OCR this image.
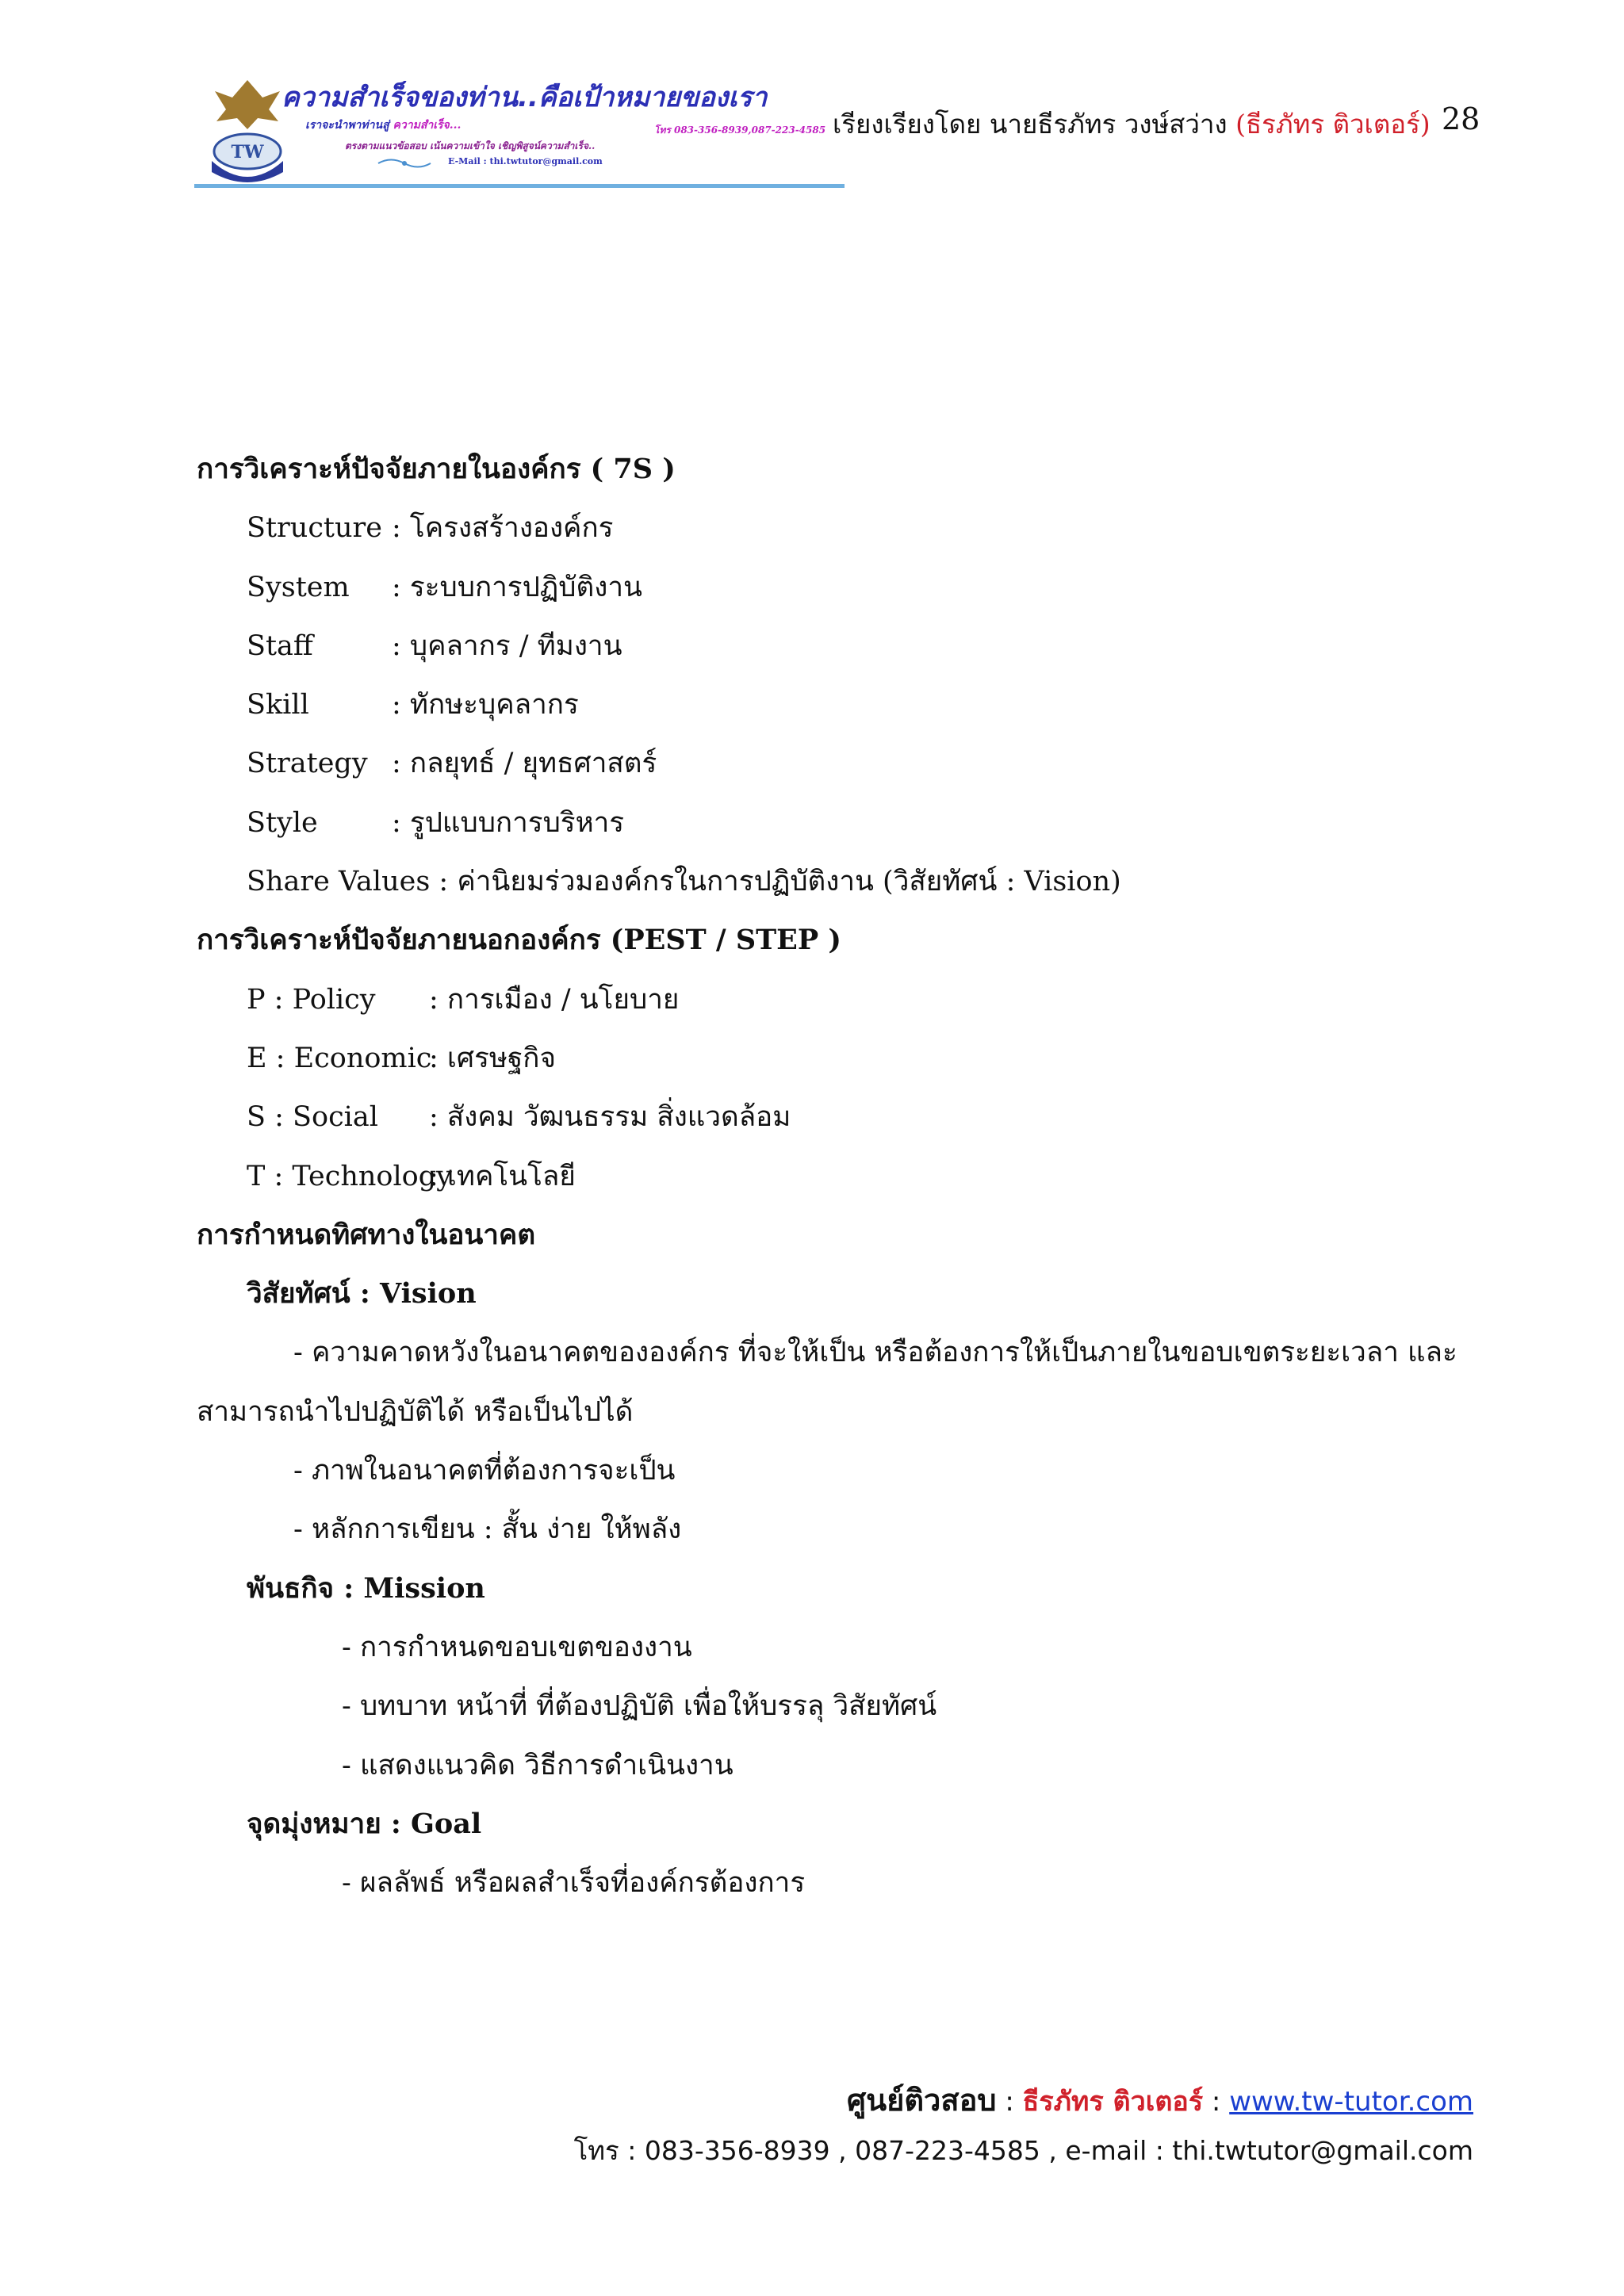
TW
ความสำเร็จของท่าน..คือเป้าหมายของเรา
เราจะนำพาท่านสู่ ความสำเร็จ...	โทร 083-356-8939,087-223-4585
ตรงตามแนวข้อสอบ เน้นความเข้าใจ เชิญพิสูจน์ความสำเร็จ..
E-Mail : thi.twtutor@gmail.com
เรียงเรียงโดย นายธีรภัทร วงษ์สว่าง (ธีรภัทร ติวเตอร์) 28
การวิเคราะห์ปัจจัยภายในองค์กร ( 7S )
Structure : โครงสร้างองค์กร
System : ระบบการปฏิบัติงาน
Staff	: บุคลากร / ทีมงาน
Skill	: ทักษะบุคลากร
Strategy : กลยุทธ์ / ยุทธศาสตร์
Style	: รูปแบบการบริหาร
Share Values : ค่านิยมร่วมองค์กรในการปฏิบัติงาน (วิสัยทัศน์ : Vision)
การวิเคราะห์ปัจจัยภายนอกองค์กร (PEST / STEP )
P : Policy : การเมือง / นโยบาย
E : Economic: เศรษฐกิจ
S : Social : สังคม วัฒนธรรม สิ่งแวดล้อม
T : Technology: เทคโนโลยี
การกำหนดทิศทางในอนาคต
วิสัยทัศน์ : Vision
- ความคาดหวังในอนาคตขององค์กร ที่จะให้เป็น หรือต้องการให้เป็นภายในขอบเขตระยะเวลา และ
สามารถนำไปปฏิบัติได้ หรือเป็นไปได้
- ภาพในอนาคตที่ต้องการจะเป็น
- หลักการเขียน : สั้น ง่าย ให้พลัง
พันธกิจ : Mission
- การกำหนดขอบเขตของงาน
- บทบาท หน้าที่ ที่ต้องปฏิบัติ เพื่อให้บรรลุ วิสัยทัศน์
- แสดงแนวคิด วิธีการดำเนินงาน
จุดมุ่งหมาย : Goal
- ผลลัพธ์ หรือผลสำเร็จที่องค์กรต้องการ
ศูนย์ติวสอบ : ธีรภัทร ติวเตอร์ : www.tw-tutor.com
โทร : 083-356-8939 , 087-223-4585 , e-mail : thi.twtutor@gmail.com
